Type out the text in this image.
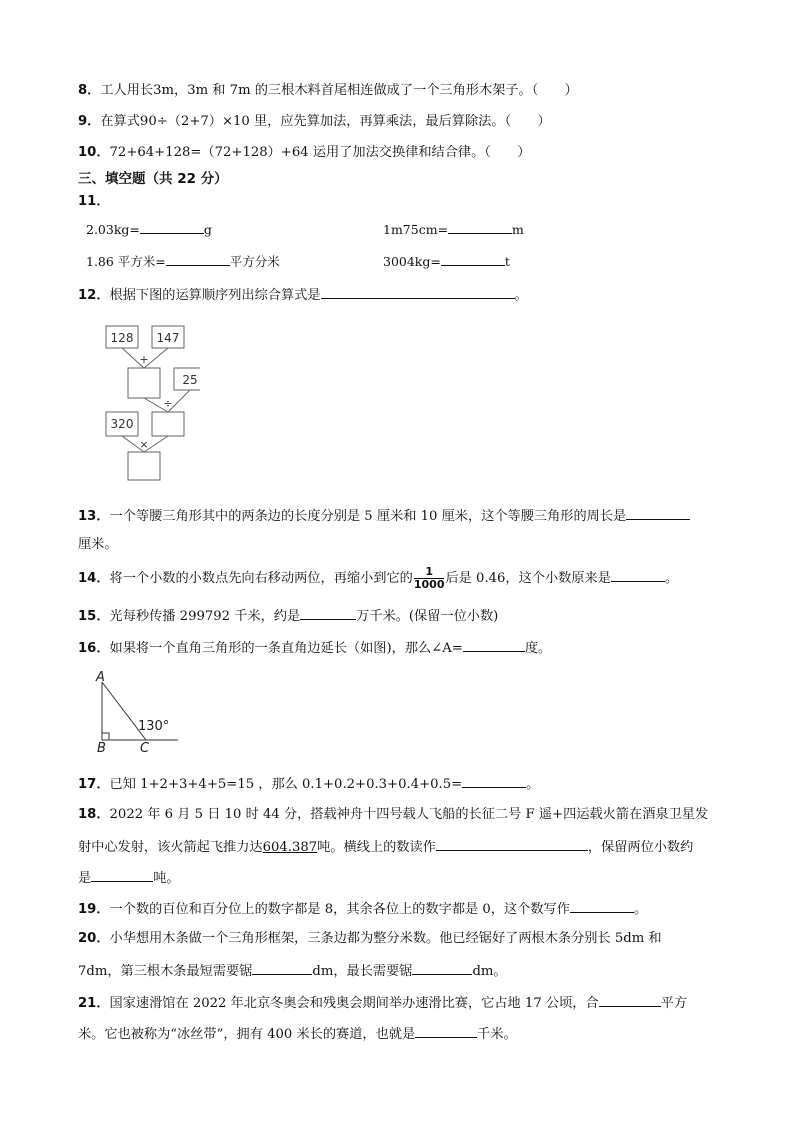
8．工人用长3m，3m 和 7m 的三根木料首尾相连做成了一个三角形木架子。（　　）
9．在算式90÷（2+7）×10 里，应先算加法，再算乘法，最后算除法。（　　）
10．72+64+128=（72+128）+64 运用了加法交换律和结合律。（　　）
三、填空题（共 22 分）
11．
2.03kg=	g	1m75cm=	m
1.86 平方米=	平方分米	3004kg=	t
12．根据下图的运算顺序列出综合算式是	。
128 147
+
25
÷
320
×
13．一个等腰三角形其中的两条边的长度分别是 5 厘米和 10 厘米，这个等腰三角形的周长是
厘米。
14．将一个小数的小数点先向右移动两位，再缩小到它的 $\frac{1}{1000}$ 后是 0.46，这个小数原来是	。
15．光每秒传播 299792 千米，约是	万千米。(保留一位小数)
16．如果将一个直角三角形的一条直角边延长（如图)，那么∠A=	度。
A
B	C
130°
17．已知 1+2+3+4+5=15 ，那么 0.1+0.2+0.3+0.4+0.5=	。
18．2022 年 6 月 5 日 10 时 44 分，搭载神舟十四号载人飞船的长征二号 F 遥+四运载火箭在酒泉卫星发
射中心发射，该火箭起飞推力达604.387吨。横线上的数读作	，保留两位小数约
是	吨。
19．一个数的百位和百分位上的数字都是 8，其余各位上的数字都是 0，这个数写作	。
20．小华想用木条做一个三角形框架，三条边都为整分米数。他已经锯好了两根木条分别长 5dm 和
7dm，第三根木条最短需要锯	dm，最长需要锯	dm。
21．国家速滑馆在 2022 年北京冬奥会和残奥会期间举办速滑比赛，它占地 17 公顷，合	平方
米。它也被称为“冰丝带”，拥有 400 米长的赛道，也就是	千米。
